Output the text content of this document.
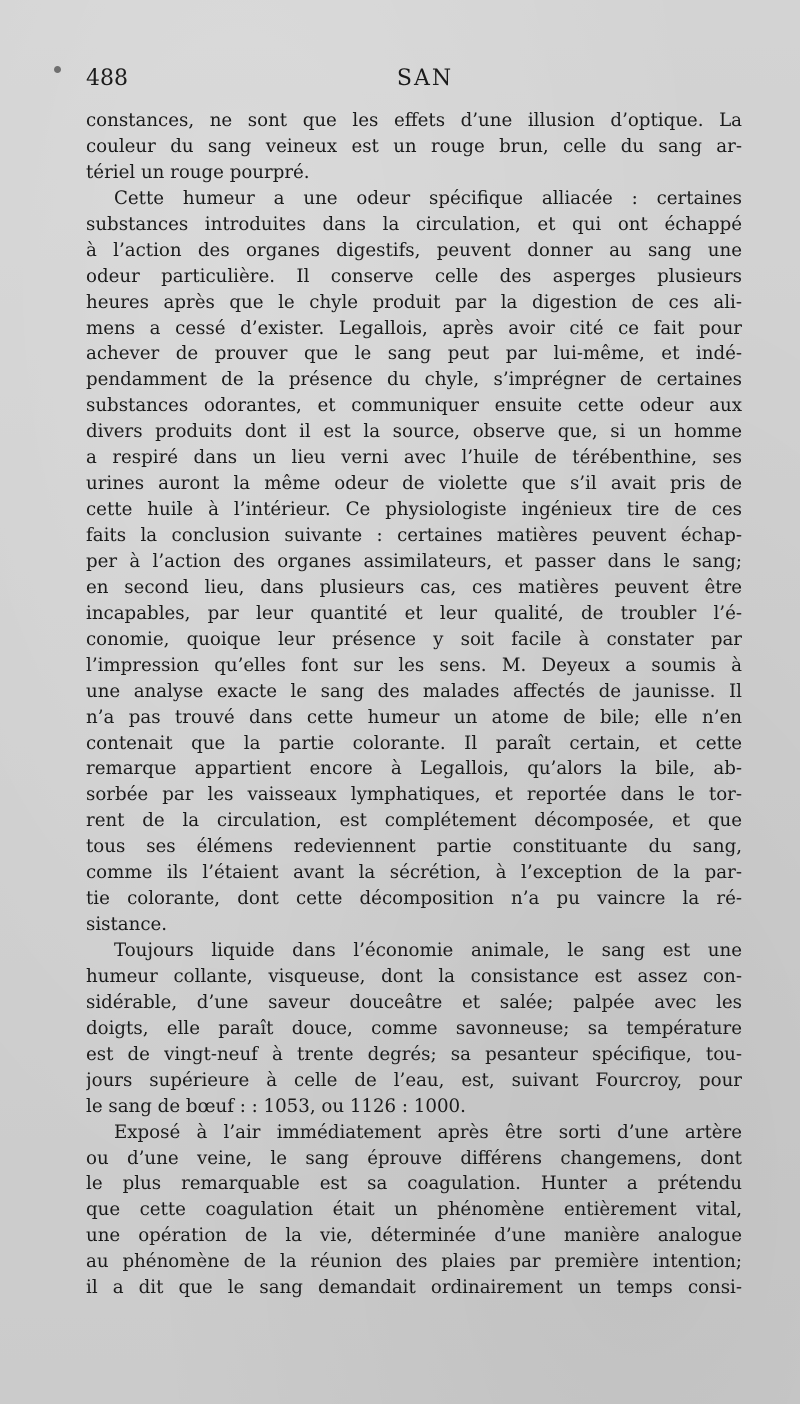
488	SAN
constances, ne sont que les effets d’une illusion d’optique. La
couleur du sang veineux est un rouge brun, celle du sang ar-
tériel un rouge pourpré.
Cette humeur a une odeur spécifique alliacée : certaines
substances introduites dans la circulation, et qui ont échappé
à l’action des organes digestifs, peuvent donner au sang une
odeur particulière. Il conserve celle des asperges plusieurs
heures après que le chyle produit par la digestion de ces ali-
mens a cessé d’exister. Legallois, après avoir cité ce fait pour
achever de prouver que le sang peut par lui-même, et indé-
pendamment de la présence du chyle, s’imprégner de certaines
substances odorantes, et communiquer ensuite cette odeur aux
divers produits dont il est la source, observe que, si un homme
a respiré dans un lieu verni avec l’huile de térébenthine, ses
urines auront la même odeur de violette que s’il avait pris de
cette huile à l’intérieur. Ce physiologiste ingénieux tire de ces
faits la conclusion suivante : certaines matières peuvent échap-
per à l’action des organes assimilateurs, et passer dans le sang;
en second lieu, dans plusieurs cas, ces matières peuvent être
incapables, par leur quantité et leur qualité, de troubler l’é-
conomie, quoique leur présence y soit facile à constater par
l’impression qu’elles font sur les sens. M. Deyeux a soumis à
une analyse exacte le sang des malades affectés de jaunisse. Il
n’a pas trouvé dans cette humeur un atome de bile; elle n’en
contenait que la partie colorante. Il paraît certain, et cette
remarque appartient encore à Legallois, qu’alors la bile, ab-
sorbée par les vaisseaux lymphatiques, et reportée dans le tor-
rent de la circulation, est complétement décomposée, et que
tous ses élémens redeviennent partie constituante du sang,
comme ils l’étaient avant la sécrétion, à l’exception de la par-
tie colorante, dont cette décomposition n’a pu vaincre la ré-
sistance.
Toujours liquide dans l’économie animale, le sang est une
humeur collante, visqueuse, dont la consistance est assez con-
sidérable, d’une saveur douceâtre et salée; palpée avec les
doigts, elle paraît douce, comme savonneuse; sa température
est de vingt-neuf à trente degrés; sa pesanteur spécifique, tou-
jours supérieure à celle de l’eau, est, suivant Fourcroy, pour
le sang de bœuf : : 1053, ou 1126 : 1000.
Exposé à l’air immédiatement après être sorti d’une artère
ou d’une veine, le sang éprouve différens changemens, dont
le plus remarquable est sa coagulation. Hunter a prétendu
que cette coagulation était un phénomène entièrement vital,
une opération de la vie, déterminée d’une manière analogue
au phénomène de la réunion des plaies par première intention;
il a dit que le sang demandait ordinairement un temps consi-
